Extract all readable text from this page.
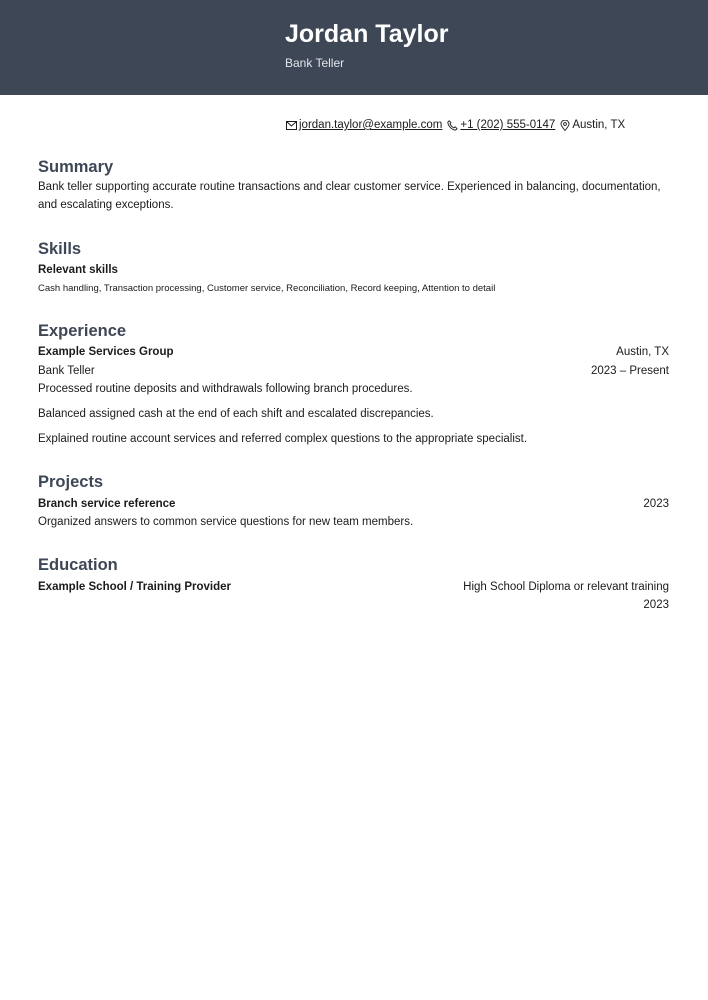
Jordan Taylor
Bank Teller
jordan.taylor@example.com +1 (202) 555-0147 Austin, TX
Summary
Bank teller supporting accurate routine transactions and clear customer service. Experienced in balancing, documentation, and escalating exceptions.
Skills
Relevant skills
Cash handling, Transaction processing, Customer service, Reconciliation, Record keeping, Attention to detail
Experience
Example Services Group	Austin, TX
Bank Teller	2023 – Present
Processed routine deposits and withdrawals following branch procedures.
Balanced assigned cash at the end of each shift and escalated discrepancies.
Explained routine account services and referred complex questions to the appropriate specialist.
Projects
Branch service reference	2023
Organized answers to common service questions for new team members.
Education
Example School / Training Provider	High School Diploma or relevant training
2023
